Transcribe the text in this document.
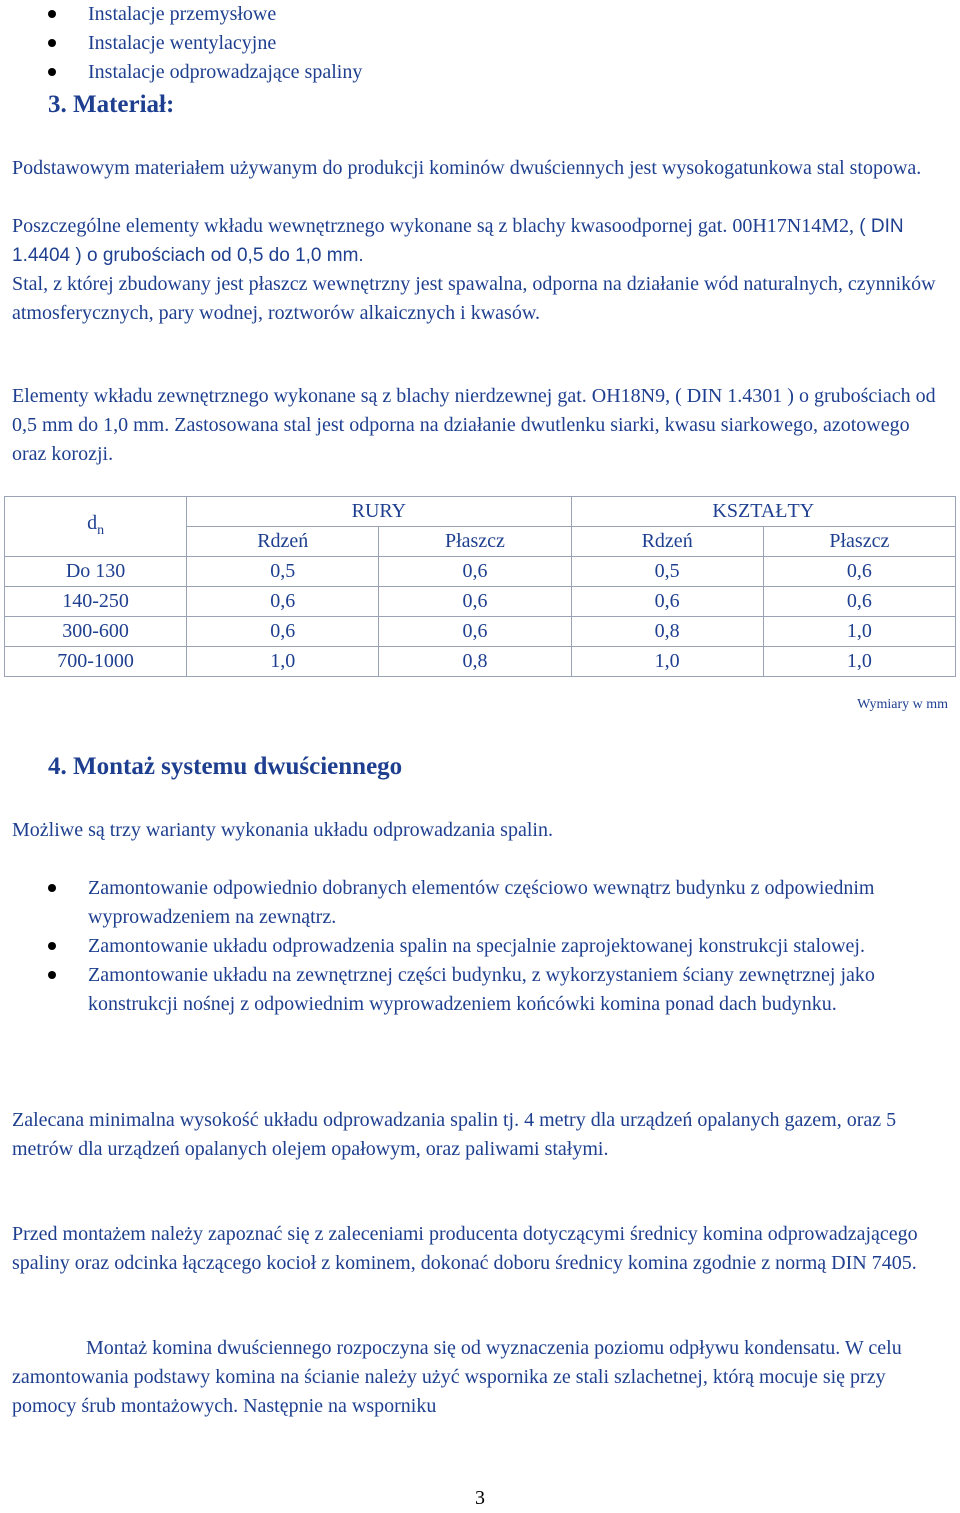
Instalacje przemysłowe
Instalacje wentylacyjne
Instalacje odprowadzające spaliny
3. Materiał:

Podstawowym materiałem używanym do produkcji kominów dwuściennych jest wysokogatunkowa stal stopowa.

Poszczególne elementy wkładu wewnętrznego wykonane są z blachy kwasoodpornej gat. 00H17N14M2, ( DIN 1.4404 ) o grubościach od 0,5 do 1,0 mm.

Stal, z której zbudowany jest płaszcz wewnętrzny jest spawalna, odporna na działanie wód naturalnych, czynników atmosferycznych, pary wodnej, roztworów alkaicznych i kwasów.

Elementy wkładu zewnętrznego wykonane są z blachy nierdzewnej gat. OH18N9, ( DIN 1.4301 ) o grubościach od 0,5 mm do 1,0 mm. Zastosowana stal jest odporna na działanie dwutlenku siarki, kwasu siarkowego, azotowego oraz korozji.

$d_n$	RURY		KSZTAŁTY	
	Rdzeń	Płaszcz	Rdzeń	Płaszcz
Do 130	0,5	0,6	0,5	0,6
140-250	0,6	0,6	0,6	0,6
300-600	0,6	0,6	0,8	1,0
700-1000	1,0	0,8	1,0	1,0
Wymiary w mm
4. Montaż systemu dwuściennego

Możliwe są trzy warianty wykonania układu odprowadzania spalin.

Zamontowanie odpowiednio dobranych elementów częściowo wewnątrz budynku z odpowiednim wyprowadzeniem na zewnątrz.
Zamontowanie układu odprowadzenia spalin na specjalnie zaprojektowanej konstrukcji stalowej.
Zamontowanie układu na zewnętrznej części budynku, z wykorzystaniem ściany zewnętrznej jako konstrukcji nośnej z odpowiednim wyprowadzeniem końcówki komina ponad dach budynku.

Zalecana minimalna wysokość układu odprowadzania spalin tj. 4 metry dla urządzeń opalanych gazem, oraz 5 metrów dla urządzeń opalanych olejem opałowym, oraz paliwami stałymi.

Przed montażem należy zapoznać się z zaleceniami producenta dotyczącymi średnicy komina odprowadzającego spaliny oraz odcinka łączącego kocioł z kominem, dokonać doboru średnicy komina zgodnie z normą DIN 7405.

Montaż komina dwuściennego rozpoczyna się od wyznaczenia poziomu odpływu kondensatu. W celu zamontowania podstawy komina na ścianie należy użyć wspornika ze stali szlachetnej, którą mocuje się przy pomocy śrub montażowych. Następnie na wsporniku

3
